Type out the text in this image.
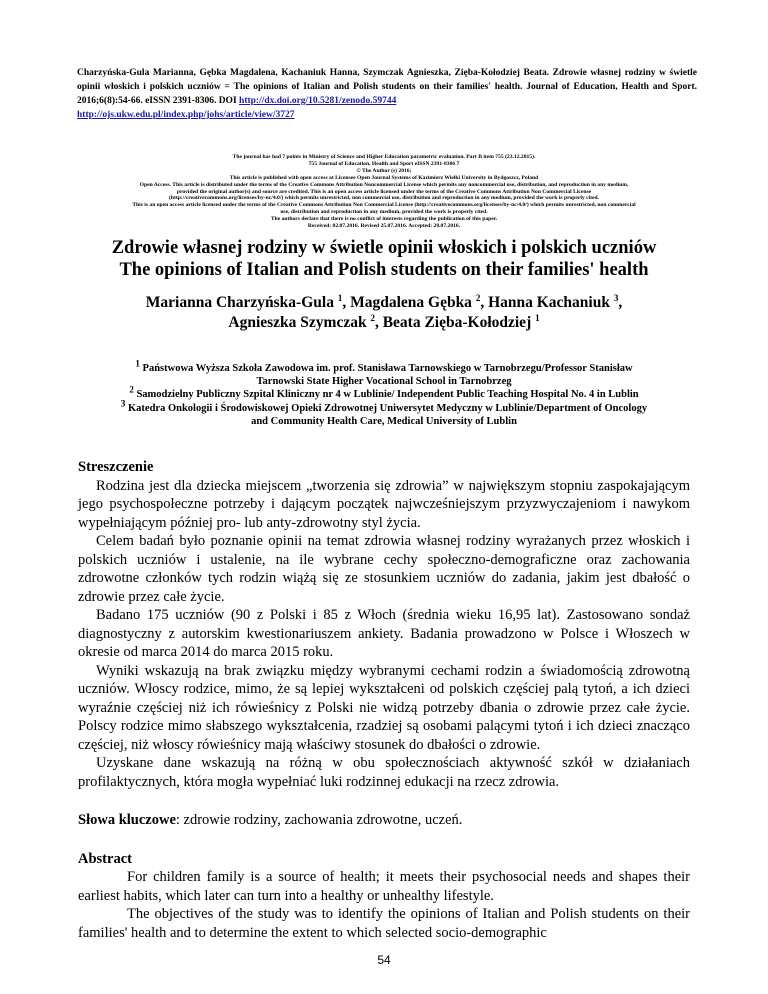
Charzyńska-Gula Marianna, Gębka Magdalena, Kachaniuk Hanna, Szymczak Agnieszka, Zięba-Kołodziej Beata. Zdrowie własnej rodziny w świetle opinii włoskich i polskich uczniów = The opinions of Italian and Polish students on their families' health. Journal of Education, Health and Sport. 2016;6(8):54-66. eISSN 2391-8306. DOI http://dx.doi.org/10.5281/zenodo.59744
http://ojs.ukw.edu.pl/index.php/johs/article/view/3727
The journal has had 7 points in Ministry of Science and Higher Education parametric evaluation. Part B item 755 (23.12.2015).
755 Journal of Education, Health and Sport eISSN 2391-8306 7
© The Author (s) 2016;
This article is published with open access at Licensee Open Journal Systems of Kazimierz Wielki University in Bydgoszcz, Poland
Open Access. This article is distributed under the terms of the Creative Commons Attribution Noncommercial License which permits any noncommercial use, distribution, and reproduction in any medium,
provided the original author(s) and source are credited. This is an open access article licensed under the terms of the Creative Commons Attribution Non Commercial License
(http://creativecommons.org/licenses/by-nc/4.0/) which permits unrestricted, non commercial use, distribution and reproduction in any medium, provided the work is properly cited.
This is an open access article licensed under the terms of the Creative Commons Attribution Non Commercial License (http://creativecommons.org/licenses/by-nc/4.0/) which permits unrestricted, non commercial
use, distribution and reproduction in any medium, provided the work is properly cited.
The authors declare that there is no conflict of interests regarding the publication of this paper.
Received: 02.07.2016. Revised 25.07.2016. Accepted: 28.07.2016.
Zdrowie własnej rodziny w świetle opinii włoskich i polskich uczniów
The opinions of Italian and Polish students on their families' health
Marianna Charzyńska-Gula $^1$, Magdalena Gębka $^2$, Hanna Kachaniuk $^3$,
Agnieszka Szymczak $^2$, Beata Zięba-Kołodziej $^1$
$^1$ Państwowa Wyższa Szkoła Zawodowa im. prof. Stanisława Tarnowskiego w Tarnobrzegu/Professor Stanisław
Tarnowski State Higher Vocational School in Tarnobrzeg
$^2$ Samodzielny Publiczny Szpital Kliniczny nr 4 w Lublinie/ Independent Public Teaching Hospital No. 4 in Lublin
$^3$ Katedra Onkologii i Środowiskowej Opieki Zdrowotnej Uniwersytet Medyczny w Lublinie/Department of Oncology
and Community Health Care, Medical University of Lublin
Streszczenie

Rodzina jest dla dziecka miejscem „tworzenia się zdrowia” w największym stopniu zaspokajającym jego psychospołeczne potrzeby i dającym początek najwcześniejszym przyzwyczajeniom i nawykom wypełniającym później pro- lub anty-zdrowotny styl życia.

Celem badań było poznanie opinii na temat zdrowia własnej rodziny wyrażanych przez włoskich i polskich uczniów i ustalenie, na ile wybrane cechy społeczno-demograficzne oraz zachowania zdrowotne członków tych rodzin wiążą się ze stosunkiem uczniów do zadania, jakim jest dbałość o zdrowie przez całe życie.

Badano 175 uczniów (90 z Polski i 85 z Włoch (średnia wieku 16,95 lat). Zastosowano sondaż diagnostyczny z autorskim kwestionariuszem ankiety. Badania prowadzono w Polsce i Włoszech w okresie od marca 2014 do marca 2015 roku.

Wyniki wskazują na brak związku między wybranymi cechami rodzin a świadomością zdrowotną uczniów. Włoscy rodzice, mimo, że są lepiej wykształceni od polskich częściej palą tytoń, a ich dzieci wyraźnie częściej niż ich rówieśnicy z Polski nie widzą potrzeby dbania o zdrowie przez całe życie. Polscy rodzice mimo słabszego wykształcenia, rzadziej są osobami palącymi tytoń i ich dzieci znacząco częściej, niż włoscy rówieśnicy mają właściwy stosunek do dbałości o zdrowie.

Uzyskane dane wskazują na różną w obu społecznościach aktywność szkół w działaniach profilaktycznych, która mogła wypełniać luki rodzinnej edukacji na rzecz zdrowia.

Słowa kluczowe: zdrowie rodziny, zachowania zdrowotne, uczeń.
Abstract

For children family is a source of health; it meets their psychosocial needs and shapes their earliest habits, which later can turn into a healthy or unhealthy lifestyle.

The objectives of the study was to identify the opinions of Italian and Polish students on their families' health and to determine the extent to which selected socio-demographic

54
